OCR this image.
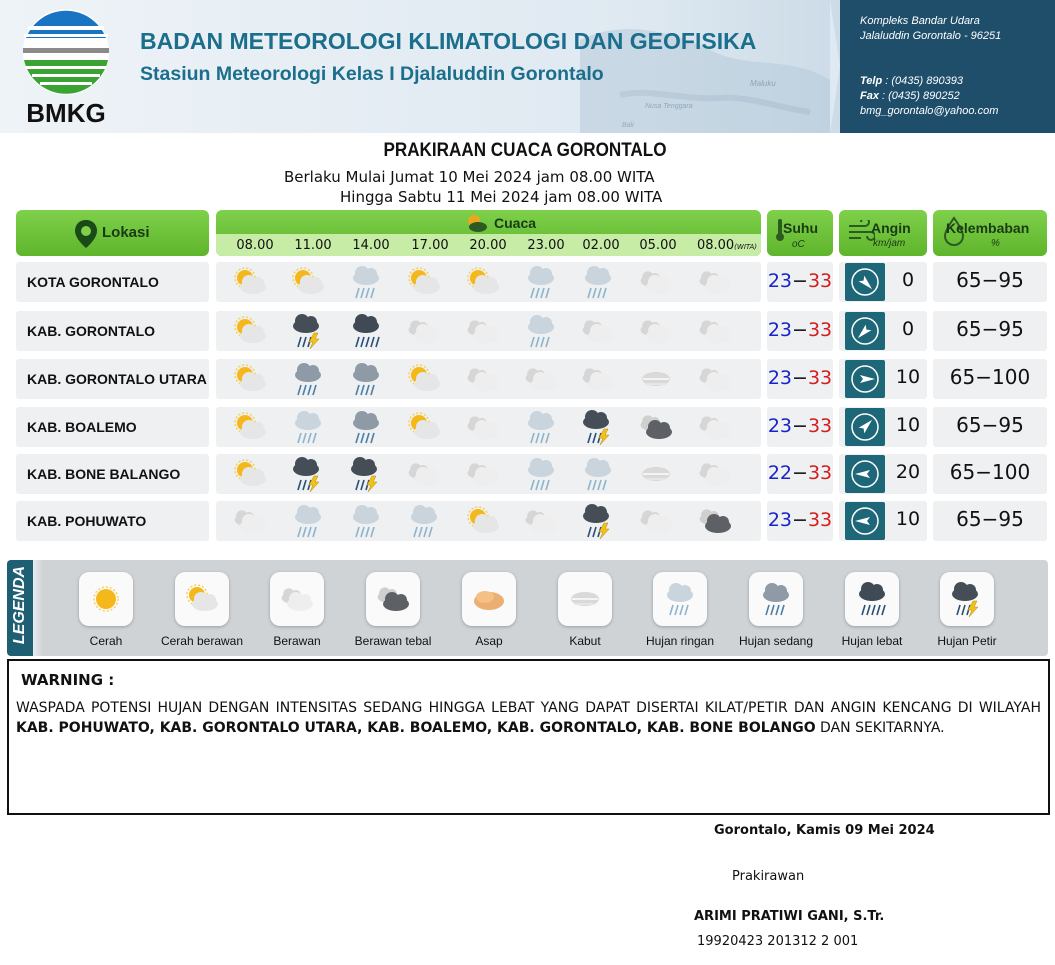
Maluku
Nusa Tenggara
Bali
BMKG
BADAN METEOROLOGI KLIMATOLOGI DAN GEOFISIKA
Stasiun Meteorologi Kelas I Djalaluddin Gorontalo
Kompleks Bandar Udara
Jalaluddin Gorontalo - 96251
Telp : (0435) 890393
Fax : (0435) 890252
bmg_gorontalo@yahoo.com
PRAKIRAAN CUACA GORONTALO
Berlaku Mulai Jumat 10 Mei 2024 jam 08.00 WITA
Hingga Sabtu 11 Mei 2024 jam 08.00 WITA
Lokasi
Cuaca
08.00	11.00	14.00	17.00	20.00	23.00	02.00	05.00	08.00(WITA)
Suhu
oC
Angin
km/jam
Kelembaban
%
KOTA GORONTALO	23−33	0	65−95
KAB. GORONTALO	23−33	0	65−95
KAB. GORONTALO UTARA	23−33	10	65−100
KAB. BOALEMO	23−33	10	65−95
KAB. BONE BALANGO	22−33	20	65−100
KAB. POHUWATO	23−33	10	65−95
LEGENDA	Cerah	Cerah berawan	Berawan	Berawan tebal	Asap	Kabut	Hujan ringan	Hujan sedang	Hujan lebat	Hujan Petir
WARNING :

WASPADA POTENSI HUJAN DENGAN INTENSITAS SEDANG HINGGA LEBAT YANG DAPAT DISERTAI KILAT/PETIR DAN ANGIN KENCANG DI WILAYAH KAB. POHUWATO, KAB. GORONTALO UTARA, KAB. BOALEMO, KAB. GORONTALO, KAB. BONE BOLANGO DAN SEKITARNYA.

Gorontalo, Kamis 09 Mei 2024
Prakirawan
ARIMI PRATIWI GANI, S.Tr.
19920423 201312 2 001
